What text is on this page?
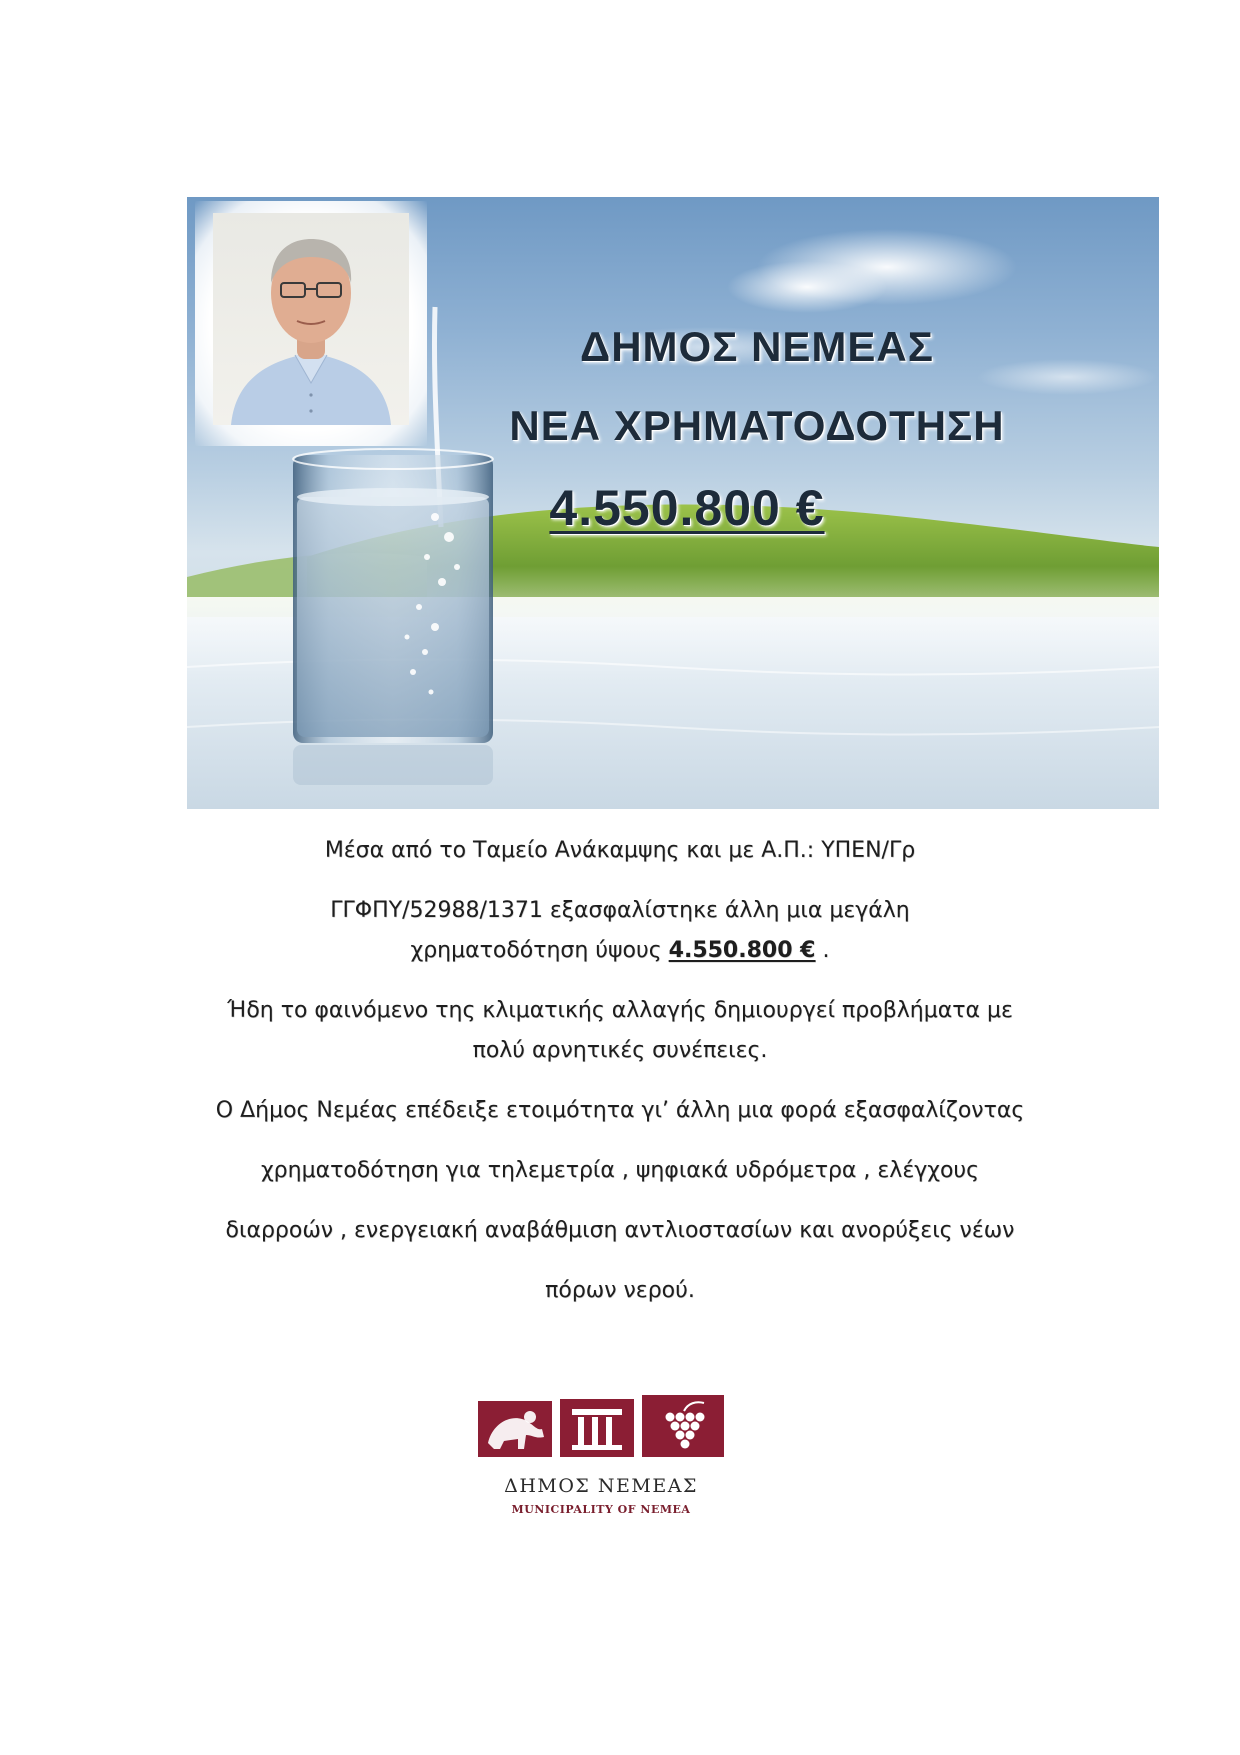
ΔΗΜΟΣ ΝΕΜΕΑΣ
ΝΕΑ ΧΡΗΜΑΤΟΔΟΤΗΣΗ
4.550.800 €

Μέσα από το Ταμείο Ανάκαμψης και με Α.Π.: ΥΠΕΝ/Γρ

ΓΓΦΠΥ/52988/1371 εξασφαλίστηκε άλλη μια μεγάλη

χρηματοδότηση ύψους 4.550.800 € .

Ήδη το φαινόμενο της κλιματικής αλλαγής δημιουργεί προβλήματα με

πολύ αρνητικές συνέπειες.

Ο Δήμος Νεμέας επέδειξε ετοιμότητα γι’ άλλη μια φορά εξασφαλίζοντας

χρηματοδότηση για τηλεμετρία , ψηφιακά υδρόμετρα , ελέγχους

διαρροών , ενεργειακή αναβάθμιση αντλιοστασίων και ανορύξεις νέων

πόρων νερού.

ΔΗΜΟΣ ΝΕΜΕΑΣ
MUNICIPALITY OF NEMEA
